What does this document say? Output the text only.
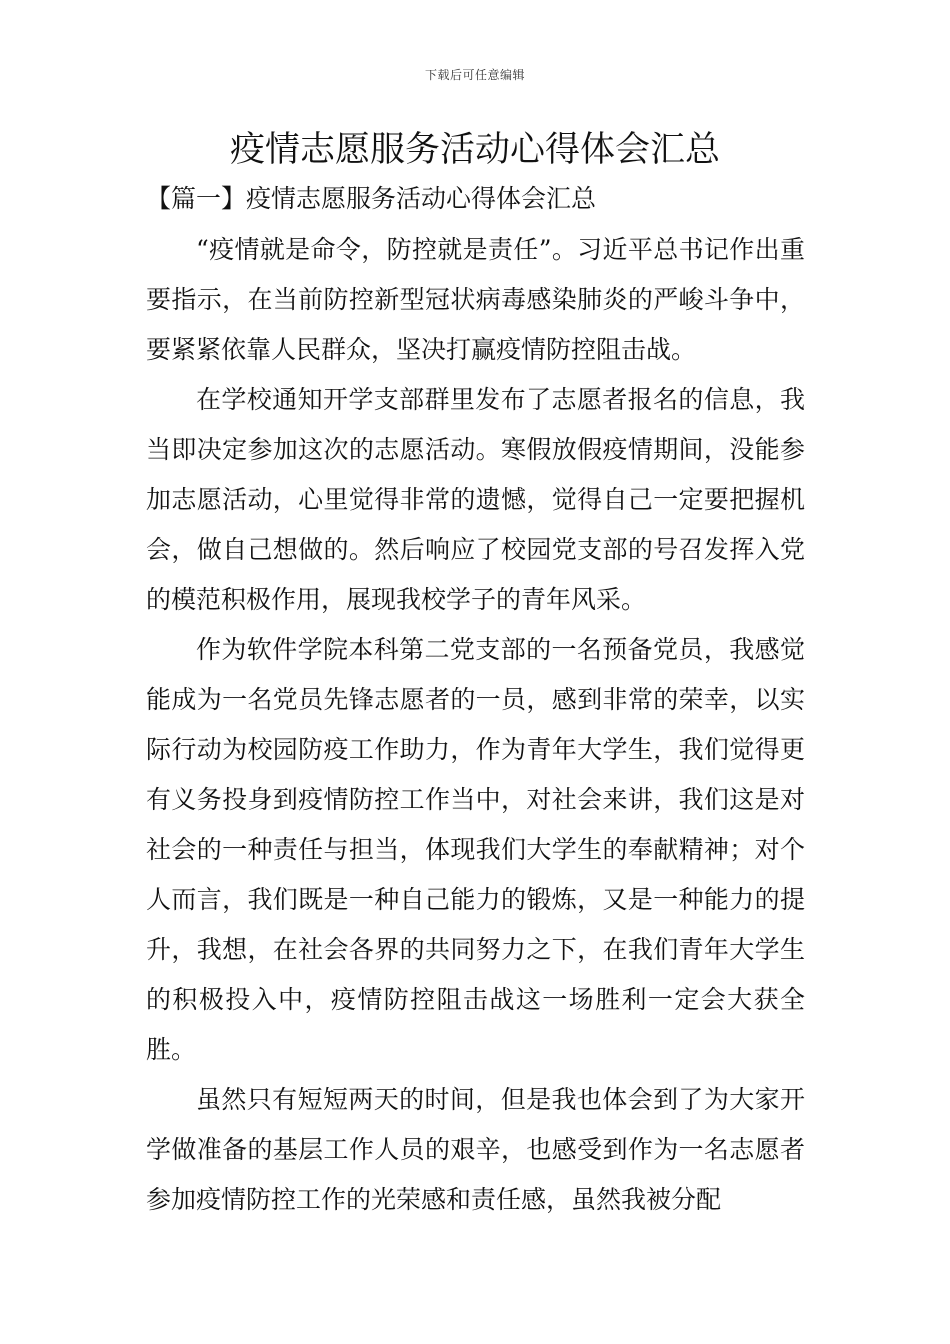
下载后可任意编辑
疫情志愿服务活动心得体会汇总
【篇一】疫情志愿服务活动心得体会汇总

“疫情就是命令，防控就是责任”。习近平总书记作出重要指示，在当前防控新型冠状病毒感染肺炎的严峻斗争中，要紧紧依靠人民群众，坚决打赢疫情防控阻击战。

在学校通知开学支部群里发布了志愿者报名的信息，我当即决定参加这次的志愿活动。寒假放假疫情期间，没能参加志愿活动，心里觉得非常的遗憾，觉得自己一定要把握机会，做自己想做的。然后响应了校园党支部的号召发挥入党的模范积极作用，展现我校学子的青年风采。

作为软件学院本科第二党支部的一名预备党员，我感觉能成为一名党员先锋志愿者的一员，感到非常的荣幸，以实际行动为校园防疫工作助力，作为青年大学生，我们觉得更有义务投身到疫情防控工作当中，对社会来讲，我们这是对社会的一种责任与担当，体现我们大学生的奉献精神；对个人而言，我们既是一种自己能力的锻炼，又是一种能力的提升，我想，在社会各界的共同努力之下，在我们青年大学生的积极投入中，疫情防控阻击战这一场胜利一定会大获全胜。

虽然只有短短两天的时间，但是我也体会到了为大家开学做准备的基层工作人员的艰辛，也感受到作为一名志愿者参加疫情防控工作的光荣感和责任感，虽然我被分配
